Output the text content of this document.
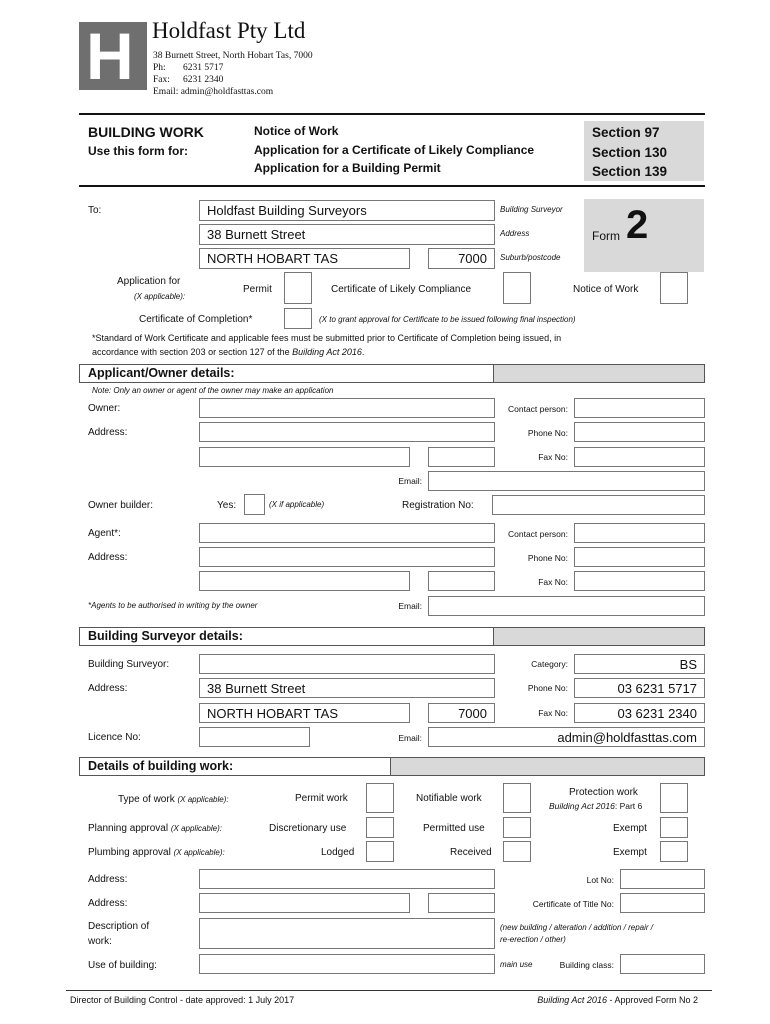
H Holdfast Pty Ltd
38 Burnett Street, North Hobart Tas, 7000
Ph: 6231 5717
Fax: 6231 2340
Email: admin@holdfasttas.com
BUILDING WORK
Use this form for:
Notice of Work
Application for a Certificate of Likely Compliance
Application for a Building Permit
Section 97
Section 130
Section 139
To:	Holdfast Building Surveyors	Building Surveyor
38 Burnett Street	Address
NORTH HOBART TAS	7000	Suburb/postcode
Form 2
Application for
(X applicable):
Permit	Certificate of Likely Compliance	Notice of Work
Certificate of Completion*	(X to grant approval for Certificate to be issued following final inspection)
*Standard of Work Certificate and applicable fees must be submitted prior to Certificate of Completion being issued, in
accordance with section 203 or section 127 of the Building Act 2016.
Applicant/Owner details:
Note: Only an owner or agent of the owner may make an application
Owner:	Contact person:
Address:	Phone No:
Fax No:
Email:
Owner builder:	Yes:	(X if applicable)	Registration No:
Agent*:	Contact person:
Address:	Phone No:
Fax No:
*Agents to be authorised in writing by the owner	Email:
Building Surveyor details:
Building Surveyor:	Category:	BS
Address:	38 Burnett Street	Phone No:	03 6231 5717
NORTH HOBART TAS	7000	Fax No:	03 6231 2340
Licence No:	Email:	admin@holdfasttas.com
Details of building work:
Type of work (X applicable):	Permit work	Notifiable work
Protection work
Building Act 2016: Part 6
Planning approval (X applicable):	Discretionary use	Permitted use	Exempt
Plumbing approval (X applicable):	Lodged	Received	Exempt
Address:	Lot No:
Address:	Certificate of Title No:
Description of
work:
(new building / alteration / addition / repair /
re-erection / other)
Use of building:	main use	Building class:
Director of Building Control - date approved: 1 July 2017	Building Act 2016 - Approved Form No 2
